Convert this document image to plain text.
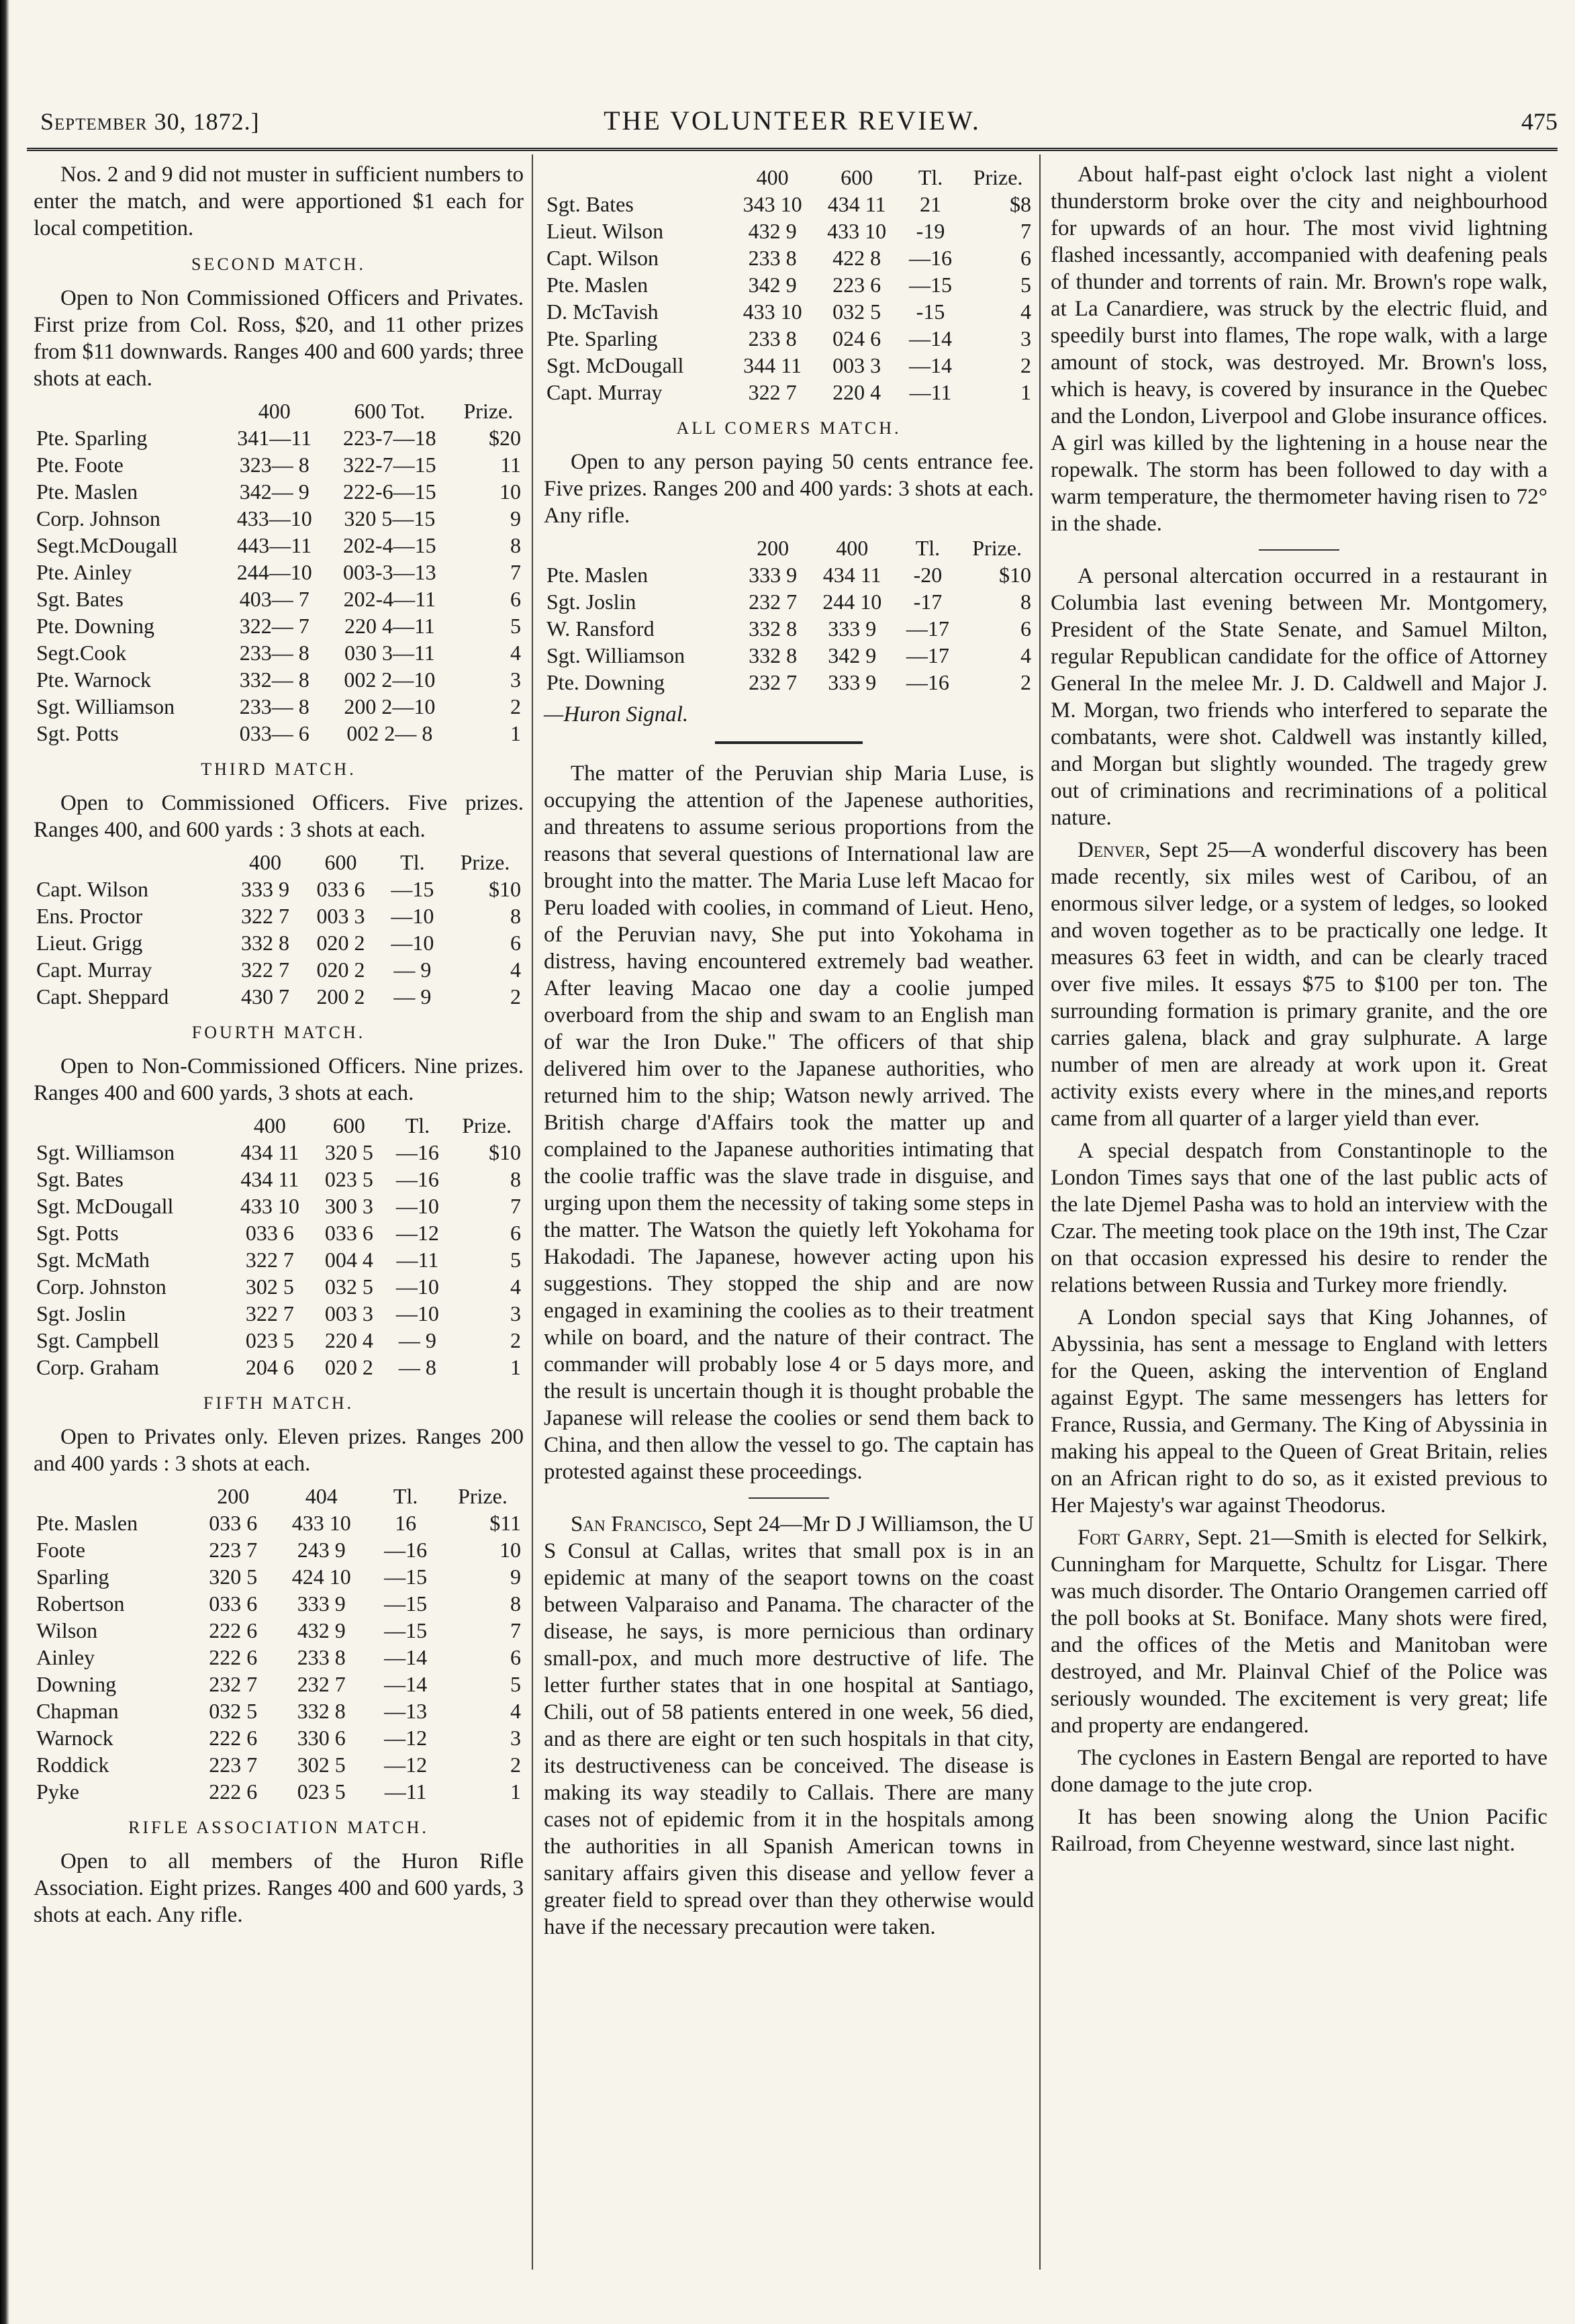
September 30, 1872.]	THE VOLUNTEER REVIEW.	475

Nos. 2 and 9 did not muster in sufficient numbers to enter the match, and were apportioned $1 each for local competition.

SECOND MATCH.

Open to Non Commissioned Officers and Privates. First prize from Col. Ross, $20, and 11 other prizes from $11 downwards. Ranges 400 and 600 yards; three shots at each.

	400	600 Tot.	Prize.
Pte. Sparling	341—11	223-7—18	$20
Pte. Foote	323— 8	322-7—15	11
Pte. Maslen	342— 9	222-6—15	10
Corp. Johnson	433—10	320 5—15	9
Segt.McDougall	443—11	202-4—15	8
Pte. Ainley	244—10	003-3—13	7
Sgt. Bates	403— 7	202-4—11	6
Pte. Downing	322— 7	220 4—11	5
Segt.Cook	233— 8	030 3—11	4
Pte. Warnock	332— 8	002 2—10	3
Sgt. Williamson	233— 8	200 2—10	2
Sgt. Potts	033— 6	002 2— 8	1
THIRD MATCH.

Open to Commissioned Officers. Five prizes. Ranges 400, and 600 yards : 3 shots at each.

	400	600	Tl.	Prize.
Capt. Wilson	333 9	033 6	—15	$10
Ens. Proctor	322 7	003 3	—10	8
Lieut. Grigg	332 8	020 2	—10	6
Capt. Murray	322 7	020 2	— 9	4
Capt. Sheppard	430 7	200 2	— 9	2
FOURTH MATCH.

Open to Non-Commissioned Officers. Nine prizes. Ranges 400 and 600 yards, 3 shots at each.

	400	600	Tl.	Prize.
Sgt. Williamson	434 11	320 5	—16	$10
Sgt. Bates	434 11	023 5	—16	8
Sgt. McDougall	433 10	300 3	—10	7
Sgt. Potts	033 6	033 6	—12	6
Sgt. McMath	322 7	004 4	—11	5
Corp. Johnston	302 5	032 5	—10	4
Sgt. Joslin	322 7	003 3	—10	3
Sgt. Campbell	023 5	220 4	— 9	2
Corp. Graham	204 6	020 2	— 8	1
FIFTH MATCH.

Open to Privates only. Eleven prizes. Ranges 200 and 400 yards : 3 shots at each.

	200	404	Tl.	Prize.
Pte. Maslen	033 6	433 10	16	$11
Foote	223 7	243 9	—16	10
Sparling	320 5	424 10	—15	9
Robertson	033 6	333 9	—15	8
Wilson	222 6	432 9	—15	7
Ainley	222 6	233 8	—14	6
Downing	232 7	232 7	—14	5
Chapman	032 5	332 8	—13	4
Warnock	222 6	330 6	—12	3
Roddick	223 7	302 5	—12	2
Pyke	222 6	023 5	—11	1
RIFLE ASSOCIATION MATCH.

Open to all members of the Huron Rifle Association. Eight prizes. Ranges 400 and 600 yards, 3 shots at each. Any rifle.

	400	600	Tl.	Prize.
Sgt. Bates	343 10	434 11	21	$8
Lieut. Wilson	432 9	433 10	-19	7
Capt. Wilson	233 8	422 8	—16	6
Pte. Maslen	342 9	223 6	—15	5
D. McTavish	433 10	032 5	-15	4
Pte. Sparling	233 8	024 6	—14	3
Sgt. McDougall	344 11	003 3	—14	2
Capt. Murray	322 7	220 4	—11	1
ALL COMERS MATCH.

Open to any person paying 50 cents entrance fee. Five prizes. Ranges 200 and 400 yards: 3 shots at each. Any rifle.

	200	400	Tl.	Prize.
Pte. Maslen	333 9	434 11	-20	$10
Sgt. Joslin	232 7	244 10	-17	8
W. Ransford	332 8	333 9	—17	6
Sgt. Williamson	332 8	342 9	—17	4
Pte. Downing	232 7	333 9	—16	2
—Huron Signal.

The matter of the Peruvian ship Maria Luse, is occupying the attention of the Japenese authorities, and threatens to assume serious proportions from the reasons that several questions of International law are brought into the matter. The Maria Luse left Macao for Peru loaded with coolies, in command of Lieut. Heno, of the Peruvian navy, She put into Yokohama in distress, having encountered extremely bad weather. After leaving Macao one day a coolie jumped overboard from the ship and swam to an English man of war the Iron Duke." The officers of that ship delivered him over to the Japanese authorities, who returned him to the ship; Watson newly arrived. The British charge d'Affairs took the matter up and complained to the Japanese authorities intimating that the coolie traffic was the slave trade in disguise, and urging upon them the necessity of taking some steps in the matter. The Watson the quietly left Yokohama for Hakodadi. The Japanese, however acting upon his suggestions. They stopped the ship and are now engaged in examining the coolies as to their treatment while on board, and the nature of their contract. The commander will probably lose 4 or 5 days more, and the result is uncertain though it is thought probable the Japanese will release the coolies or send them back to China, and then allow the vessel to go. The captain has protested against these proceedings.

San Francisco, Sept 24—Mr D J Williamson, the U S Consul at Callas, writes that small pox is in an epidemic at many of the seaport towns on the coast between Valparaiso and Panama. The character of the disease, he says, is more pernicious than ordinary small-pox, and much more destructive of life. The letter further states that in one hospital at Santiago, Chili, out of 58 patients entered in one week, 56 died, and as there are eight or ten such hospitals in that city, its destructiveness can be conceived. The disease is making its way steadily to Callais. There are many cases not of epidemic from it in the hospitals among the authorities in all Spanish American towns in sanitary affairs given this disease and yellow fever a greater field to spread over than they otherwise would have if the necessary precaution were taken.

About half-past eight o'clock last night a violent thunderstorm broke over the city and neighbourhood for upwards of an hour. The most vivid lightning flashed incessantly, accompanied with deafening peals of thunder and torrents of rain. Mr. Brown's rope walk, at La Canardiere, was struck by the electric fluid, and speedily burst into flames, The rope walk, with a large amount of stock, was destroyed. Mr. Brown's loss, which is heavy, is covered by insurance in the Quebec and the London, Liverpool and Globe insurance offices. A girl was killed by the lightening in a house near the ropewalk. The storm has been followed to day with a warm temperature, the thermometer having risen to 72° in the shade.

A personal altercation occurred in a restaurant in Columbia last evening between Mr. Montgomery, President of the State Senate, and Samuel Milton, regular Republican candidate for the office of Attorney General In the melee Mr. J. D. Caldwell and Major J. M. Morgan, two friends who interfered to separate the combatants, were shot. Caldwell was instantly killed, and Morgan but slightly wounded. The tragedy grew out of criminations and recriminations of a political nature.

Denver, Sept 25—A wonderful discovery has been made recently, six miles west of Caribou, of an enormous silver ledge, or a system of ledges, so looked and woven together as to be practically one ledge. It measures 63 feet in width, and can be clearly traced over five miles. It essays $75 to $100 per ton. The surrounding formation is primary granite, and the ore carries galena, black and gray sulphurate. A large number of men are already at work upon it. Great activity exists every where in the mines,and reports came from all quarter of a larger yield than ever.

A special despatch from Constantinople to the London Times says that one of the last public acts of the late Djemel Pasha was to hold an interview with the Czar. The meeting took place on the 19th inst, The Czar on that occasion expressed his desire to render the relations between Russia and Turkey more friendly.

A London special says that King Johannes, of Abyssinia, has sent a message to England with letters for the Queen, asking the intervention of England against Egypt. The same messengers has letters for France, Russia, and Germany. The King of Abyssinia in making his appeal to the Queen of Great Britain, relies on an African right to do so, as it existed previous to Her Majesty's war against Theodorus.

Fort Garry, Sept. 21—Smith is elected for Selkirk, Cunningham for Marquette, Schultz for Lisgar. There was much disorder. The Ontario Orangemen carried off the poll books at St. Boniface. Many shots were fired, and the offices of the Metis and Manitoban were destroyed, and Mr. Plainval Chief of the Police was seriously wounded. The excitement is very great; life and property are endangered.

The cyclones in Eastern Bengal are reported to have done damage to the jute crop.

It has been snowing along the Union Pacific Railroad, from Cheyenne westward, since last night.
